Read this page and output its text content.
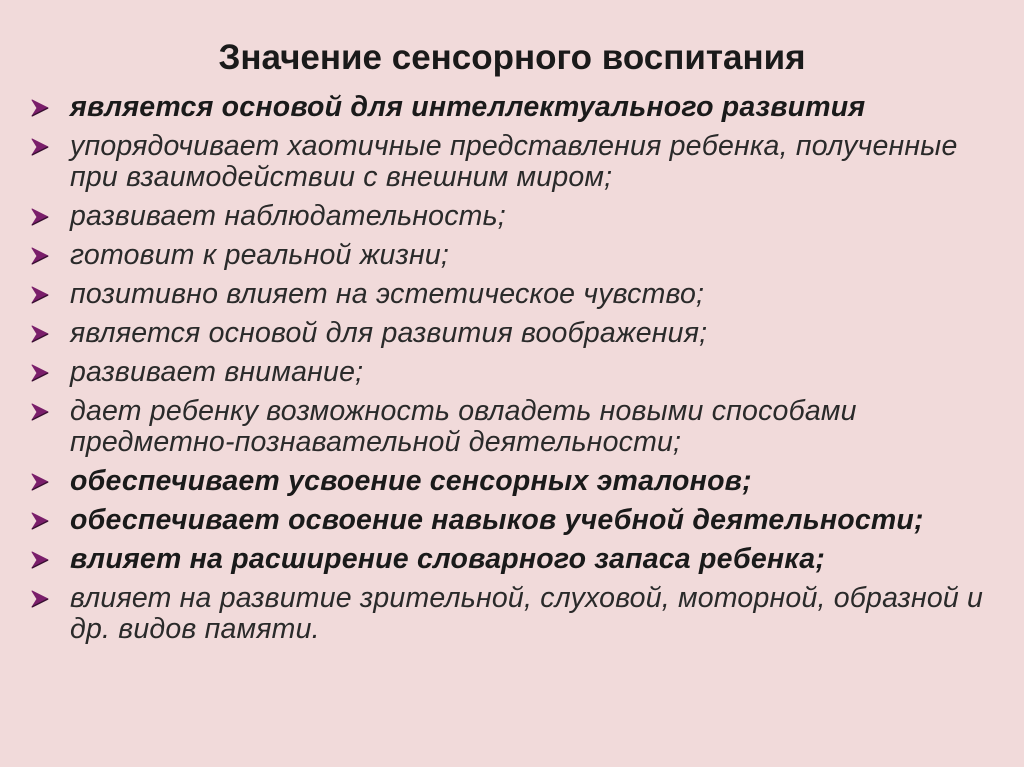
Значение сенсорного воспитания
является основой для интеллектуального развития
упорядочивает хаотичные представления ребенка, полученные при взаимодействии с внешним миром;
развивает наблюдательность;
готовит к реальной жизни;
позитивно влияет на эстетическое чувство;
является основой для развития воображения;
развивает внимание;
дает ребенку возможность овладеть новыми способами предметно-познавательной деятельности;
обеспечивает усвоение сенсорных эталонов;
обеспечивает освоение навыков учебной деятельности;
влияет на расширение словарного запаса ребенка;
влияет на развитие зрительной, слуховой, моторной, образной и др. видов памяти.
